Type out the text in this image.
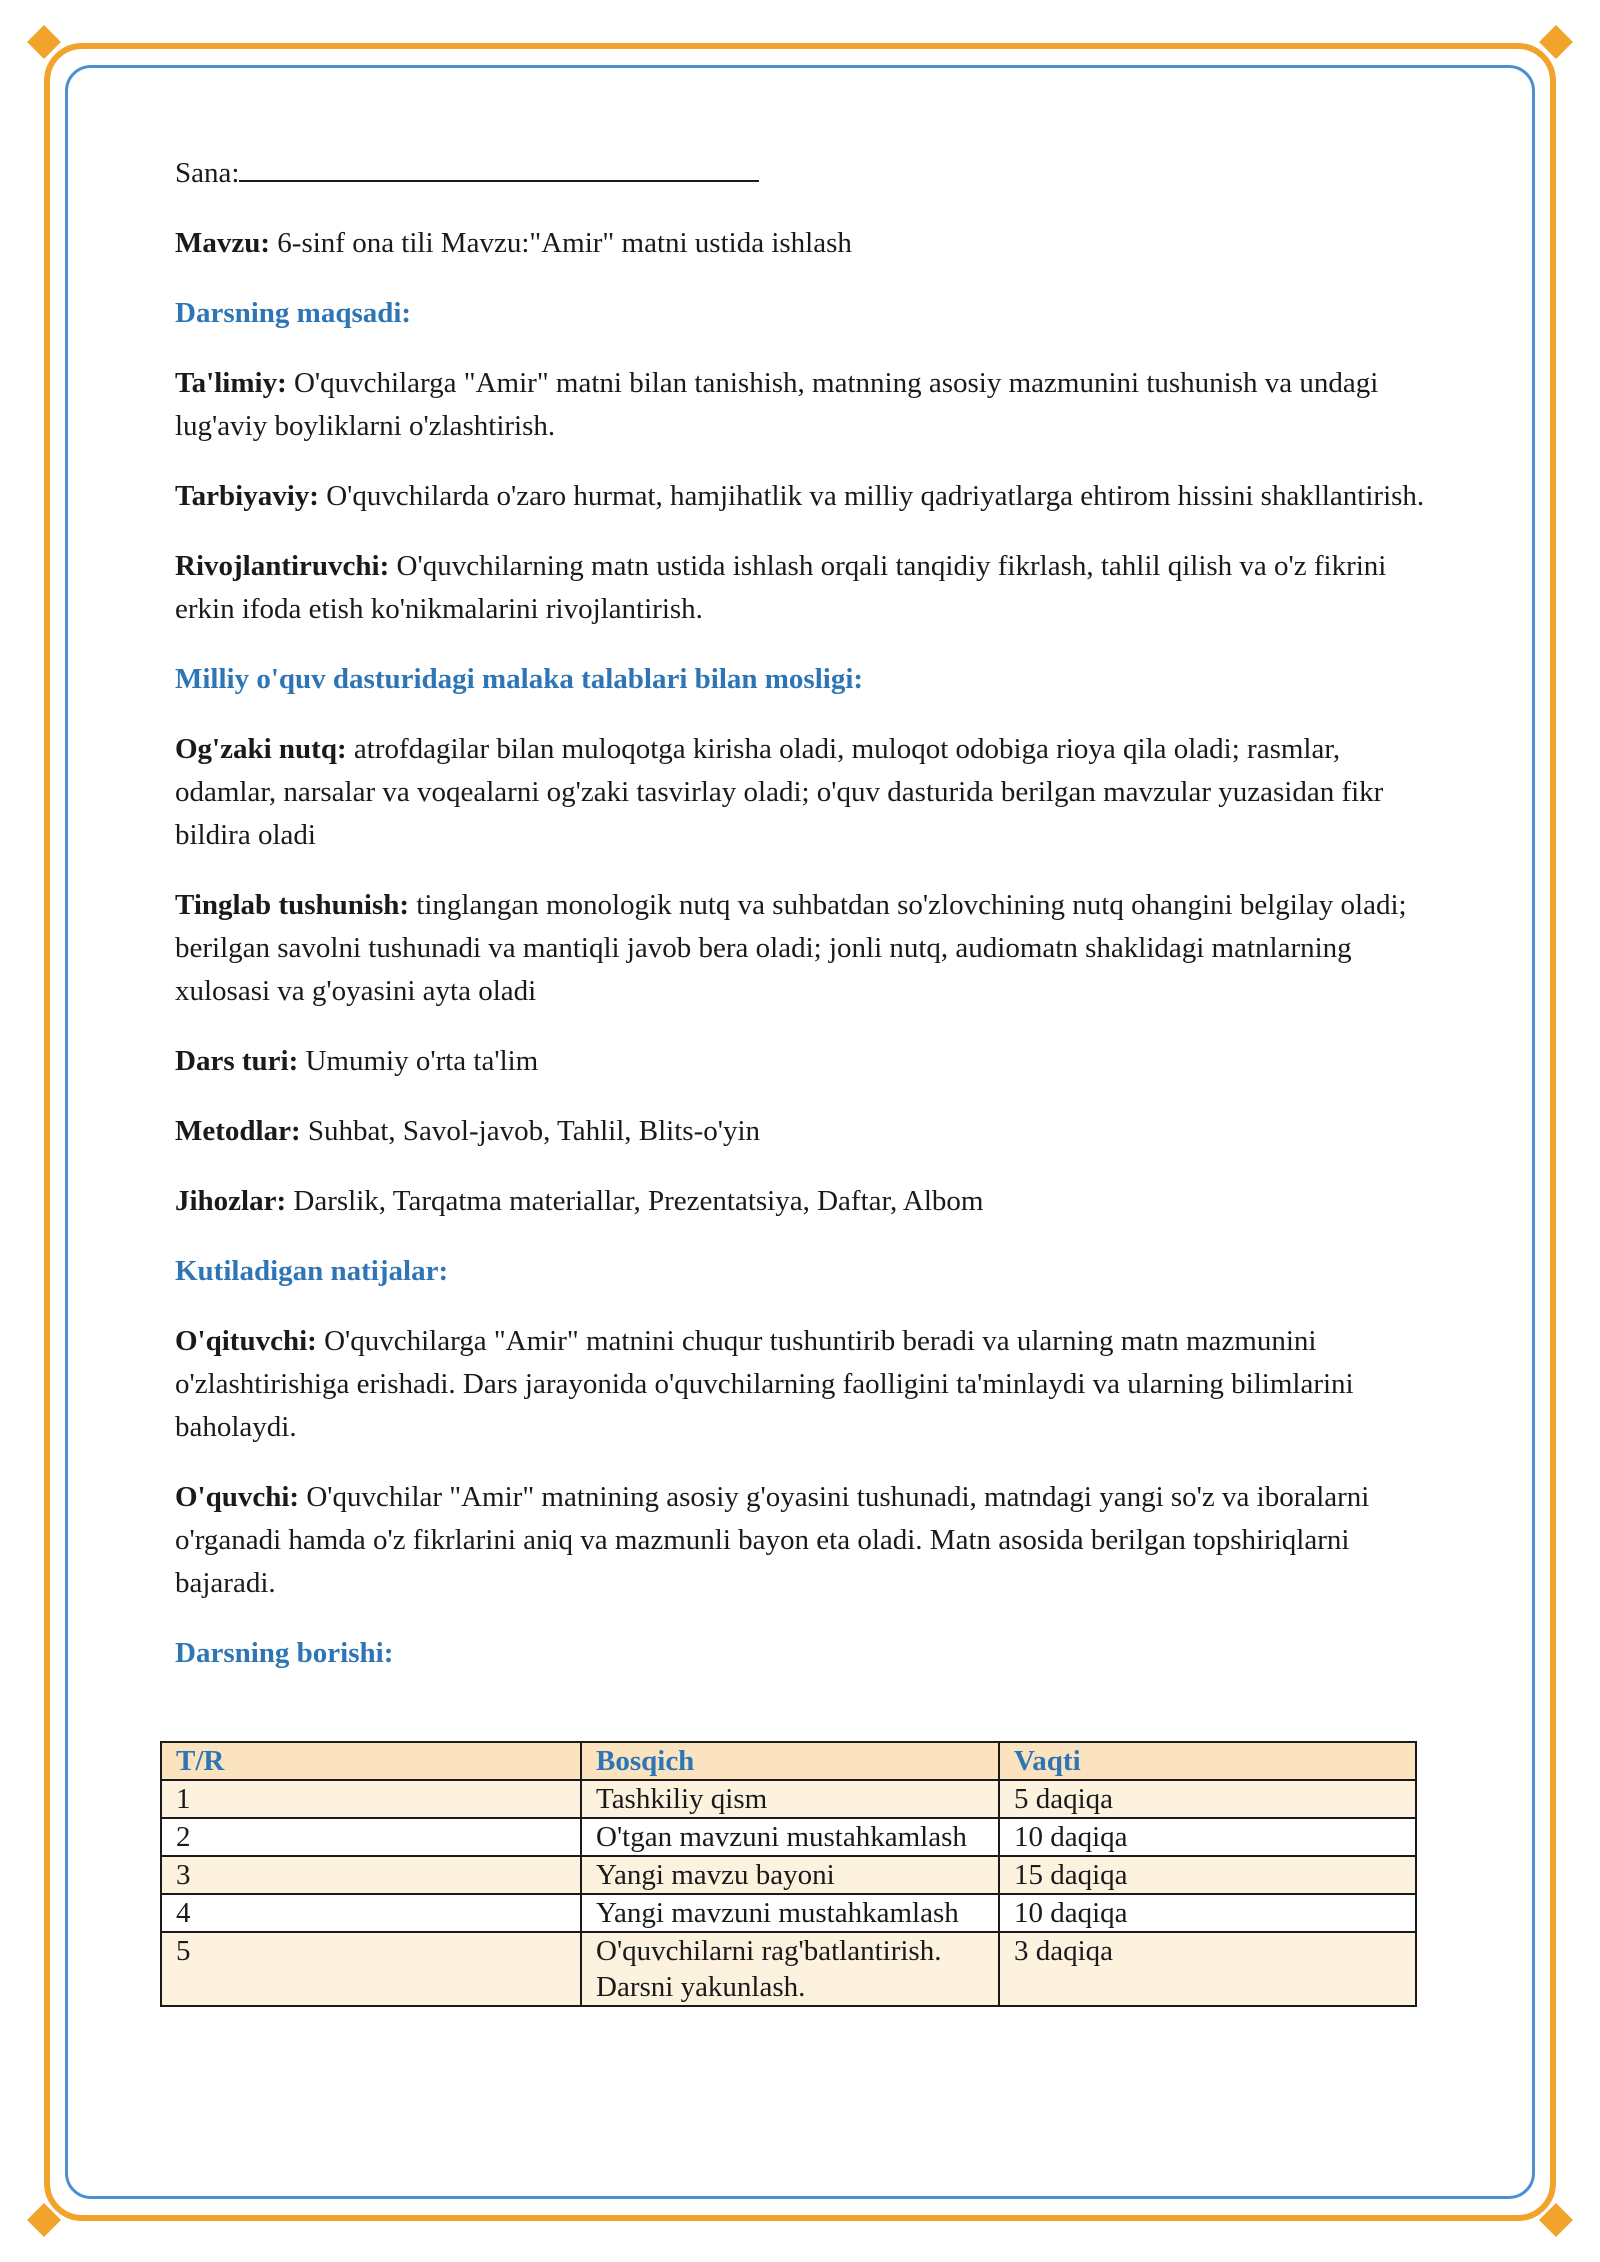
Sana:

Mavzu: 6-sinf ona tili Mavzu:"Amir" matni ustida ishlash

Darsning maqsadi:

Ta'limiy: O'quvchilarga "Amir" matni bilan tanishish, matnning asosiy mazmunini tushunish va undagi lug'aviy boyliklarni o'zlashtirish.

Tarbiyaviy: O'quvchilarda o'zaro hurmat, hamjihatlik va milliy qadriyatlarga ehtirom hissini shakllantirish.

Rivojlantiruvchi: O'quvchilarning matn ustida ishlash orqali tanqidiy fikrlash, tahlil qilish va o'z fikrini erkin ifoda etish ko'nikmalarini rivojlantirish.

Milliy o'quv dasturidagi malaka talablari bilan mosligi:

Og'zaki nutq: atrofdagilar bilan muloqotga kirisha oladi, muloqot odobiga rioya qila oladi; rasmlar, odamlar, narsalar va voqealarni og'zaki tasvirlay oladi; o'quv dasturida berilgan mavzular yuzasidan fikr bildira oladi

Tinglab tushunish: tinglangan monologik nutq va suhbatdan so'zlovchining nutq ohangini belgilay oladi; berilgan savolni tushunadi va mantiqli javob bera oladi; jonli nutq, audiomatn shaklidagi matnlarning xulosasi va g'oyasini ayta oladi

Dars turi: Umumiy o'rta ta'lim

Metodlar: Suhbat, Savol-javob, Tahlil, Blits-o'yin

Jihozlar: Darslik, Tarqatma materiallar, Prezentatsiya, Daftar, Albom

Kutiladigan natijalar:

O'qituvchi: O'quvchilarga "Amir" matnini chuqur tushuntirib beradi va ularning matn mazmunini o'zlashtirishiga erishadi. Dars jarayonida o'quvchilarning faolligini ta'minlaydi va ularning bilimlarini baholaydi.

O'quvchi: O'quvchilar "Amir" matnining asosiy g'oyasini tushunadi, matndagi yangi so'z va iboralarni o'rganadi hamda o'z fikrlarini aniq va mazmunli bayon eta oladi. Matn asosida berilgan topshiriqlarni bajaradi.

Darsning borishi:

T/R	Bosqich	Vaqti
1	Tashkiliy qism	5 daqiqa
2	O'tgan mavzuni mustahkamlash	10 daqiqa
3	Yangi mavzu bayoni	15 daqiqa
4	Yangi mavzuni mustahkamlash	10 daqiqa
5	O'quvchilarni rag'batlantirish. Darsni yakunlash.	3 daqiqa
